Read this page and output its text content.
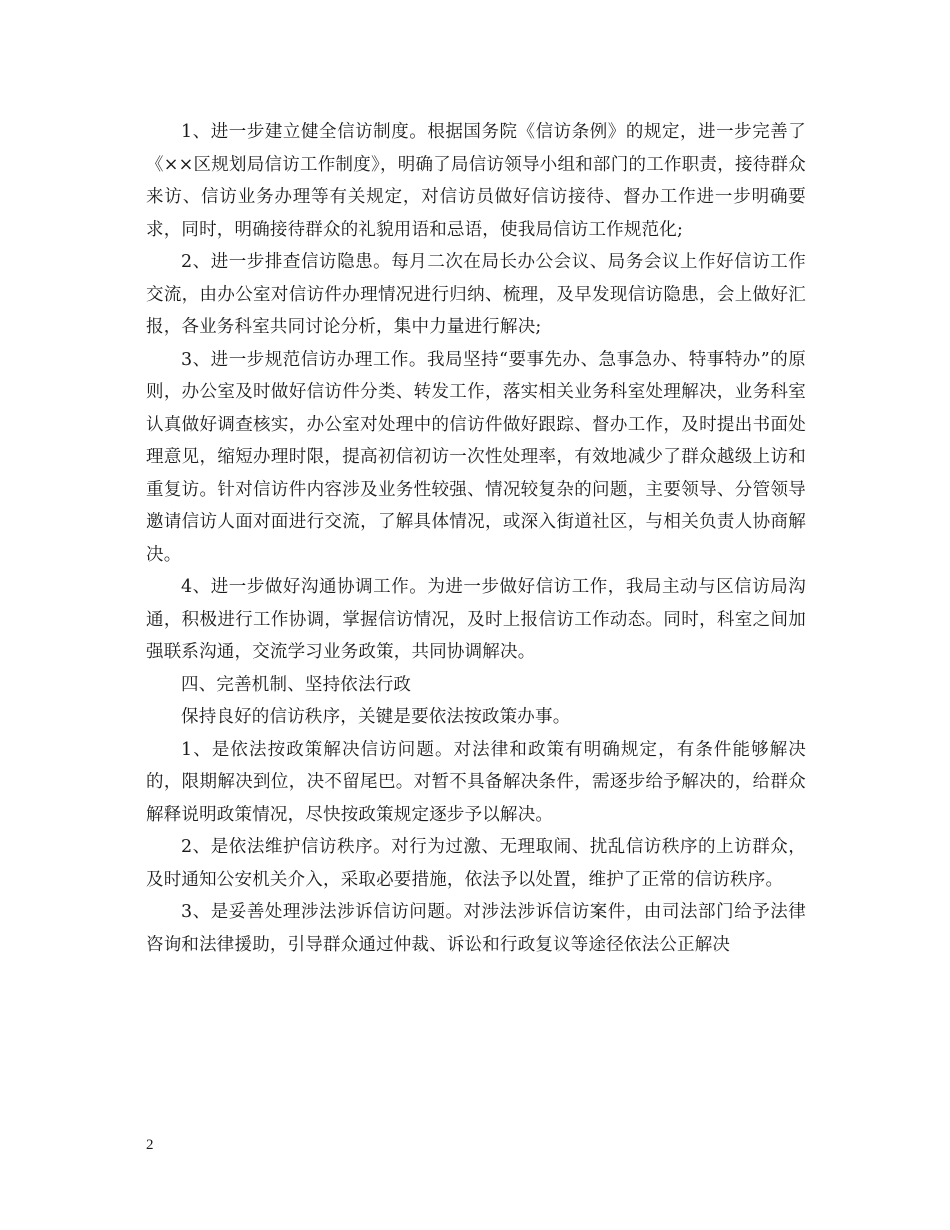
1、进一步建立健全信访制度。根据国务院《信访条例》的规定，进一步完善了《××区规划局信访工作制度》，明确了局信访领导小组和部门的工作职责，接待群众来访、信访业务办理等有关规定，对信访员做好信访接待、督办工作进一步明确要求，同时，明确接待群众的礼貌用语和忌语，使我局信访工作规范化;

2、进一步排查信访隐患。每月二次在局长办公会议、局务会议上作好信访工作交流，由办公室对信访件办理情况进行归纳、梳理，及早发现信访隐患，会上做好汇报，各业务科室共同讨论分析，集中力量进行解决;

3、进一步规范信访办理工作。我局坚持“要事先办、急事急办、特事特办”的原则，办公室及时做好信访件分类、转发工作，落实相关业务科室处理解决，业务科室认真做好调查核实，办公室对处理中的信访件做好跟踪、督办工作，及时提出书面处理意见，缩短办理时限，提高初信初访一次性处理率，有效地减少了群众越级上访和重复访。针对信访件内容涉及业务性较强、情况较复杂的问题，主要领导、分管领导邀请信访人面对面进行交流，了解具体情况，或深入街道社区，与相关负责人协商解决。

4、进一步做好沟通协调工作。为进一步做好信访工作，我局主动与区信访局沟通，积极进行工作协调，掌握信访情况，及时上报信访工作动态。同时，科室之间加强联系沟通，交流学习业务政策，共同协调解决。

四、完善机制、坚持依法行政

保持良好的信访秩序，关键是要依法按政策办事。

1、是依法按政策解决信访问题。对法律和政策有明确规定，有条件能够解决的，限期解决到位，决不留尾巴。对暂不具备解决条件，需逐步给予解决的，给群众解释说明政策情况，尽快按政策规定逐步予以解决。

2、是依法维护信访秩序。对行为过激、无理取闹、扰乱信访秩序的上访群众，及时通知公安机关介入，采取必要措施，依法予以处置，维护了正常的信访秩序。

3、是妥善处理涉法涉诉信访问题。对涉法涉诉信访案件，由司法部门给予法律咨询和法律援助，引导群众通过仲裁、诉讼和行政复议等途径依法公正解决

2
